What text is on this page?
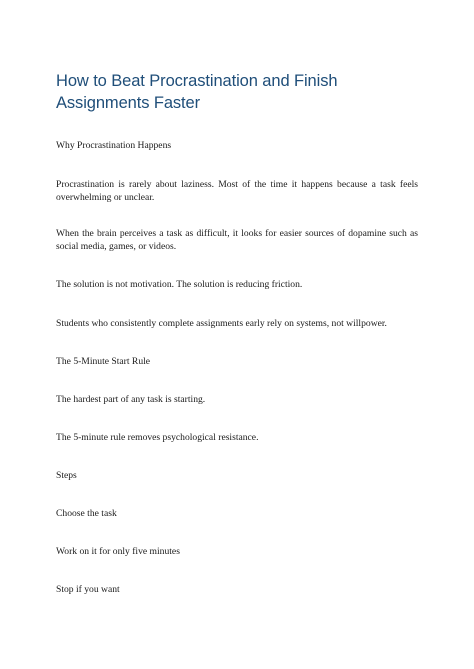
How to Beat Procrastination and Finish Assignments Faster

Why Procrastination Happens

Procrastination is rarely about laziness. Most of the time it happens because a task feels overwhelming or unclear.

When the brain perceives a task as difficult, it looks for easier sources of dopamine such as social media, games, or videos.

The solution is not motivation. The solution is reducing friction.

Students who consistently complete assignments early rely on systems, not willpower.

The 5-Minute Start Rule

The hardest part of any task is starting.

The 5-minute rule removes psychological resistance.

Steps

Choose the task

Work on it for only five minutes

Stop if you want
